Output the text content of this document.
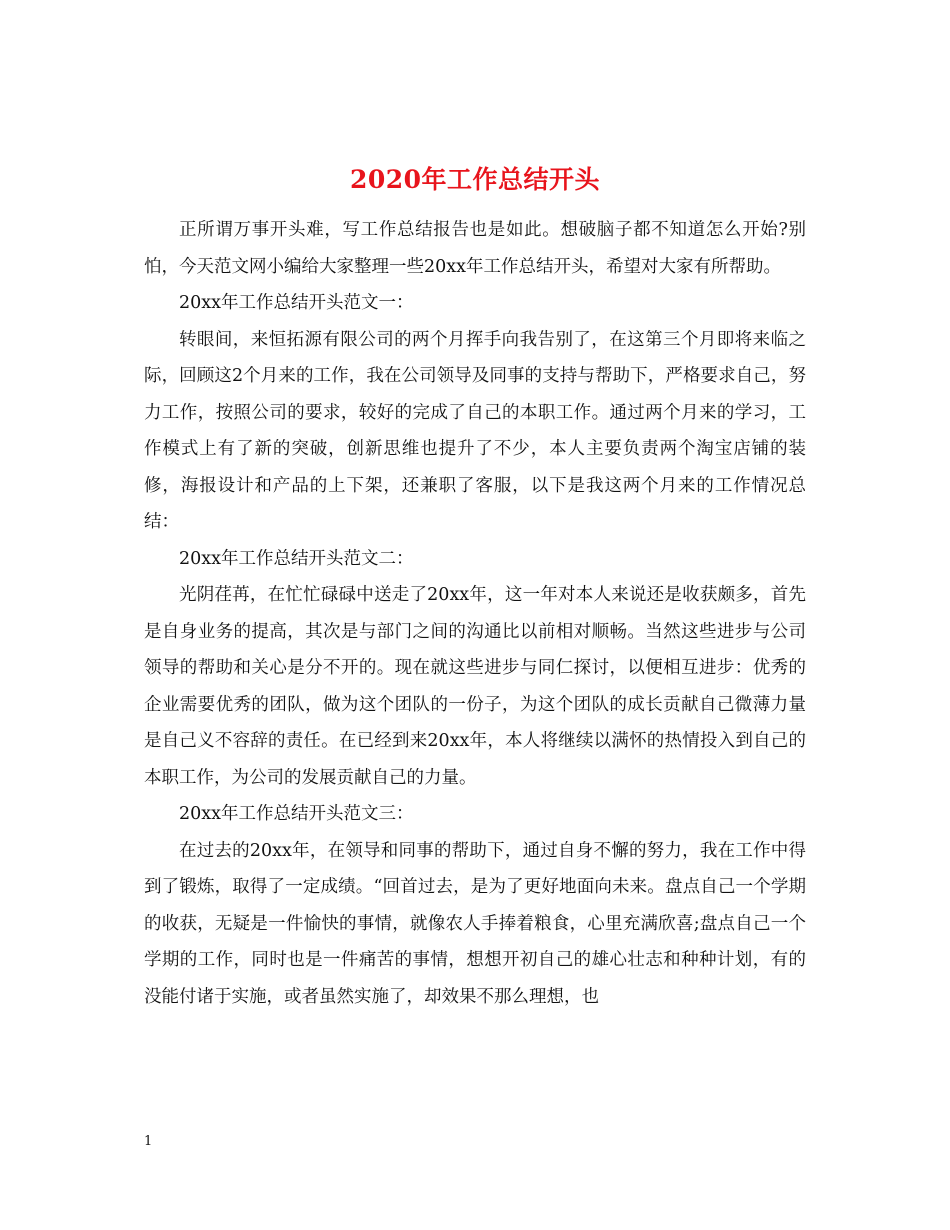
2020年工作总结开头

正所谓万事开头难，写工作总结报告也是如此。想破脑子都不知道怎么开始?别怕，今天范文网小编给大家整理一些20xx年工作总结开头，希望对大家有所帮助。

20xx年工作总结开头范文一：

转眼间，来恒拓源有限公司的两个月挥手向我告别了，在这第三个月即将来临之际，回顾这2个月来的工作，我在公司领导及同事的支持与帮助下，严格要求自己，努力工作，按照公司的要求，较好的完成了自己的本职工作。通过两个月来的学习，工作模式上有了新的突破，创新思维也提升了不少，本人主要负责两个淘宝店铺的装修，海报设计和产品的上下架，还兼职了客服，以下是我这两个月来的工作情况总结：

20xx年工作总结开头范文二：

光阴荏苒，在忙忙碌碌中送走了20xx年，这一年对本人来说还是收获颇多，首先是自身业务的提高，其次是与部门之间的沟通比以前相对顺畅。当然这些进步与公司领导的帮助和关心是分不开的。现在就这些进步与同仁探讨，以便相互进步：优秀的企业需要优秀的团队，做为这个团队的一份子，为这个团队的成长贡献自己微薄力量是自己义不容辞的责任。在已经到来20xx年，本人将继续以满怀的热情投入到自己的本职工作，为公司的发展贡献自己的力量。

20xx年工作总结开头范文三：

在过去的20xx年，在领导和同事的帮助下，通过自身不懈的努力，我在工作中得到了锻炼，取得了一定成绩。“回首过去，是为了更好地面向未来。盘点自己一个学期的收获，无疑是一件愉快的事情，就像农人手捧着粮食，心里充满欣喜;盘点自己一个学期的工作，同时也是一件痛苦的事情，想想开初自己的雄心壮志和种种计划，有的没能付诸于实施，或者虽然实施了，却效果不那么理想，也

1
